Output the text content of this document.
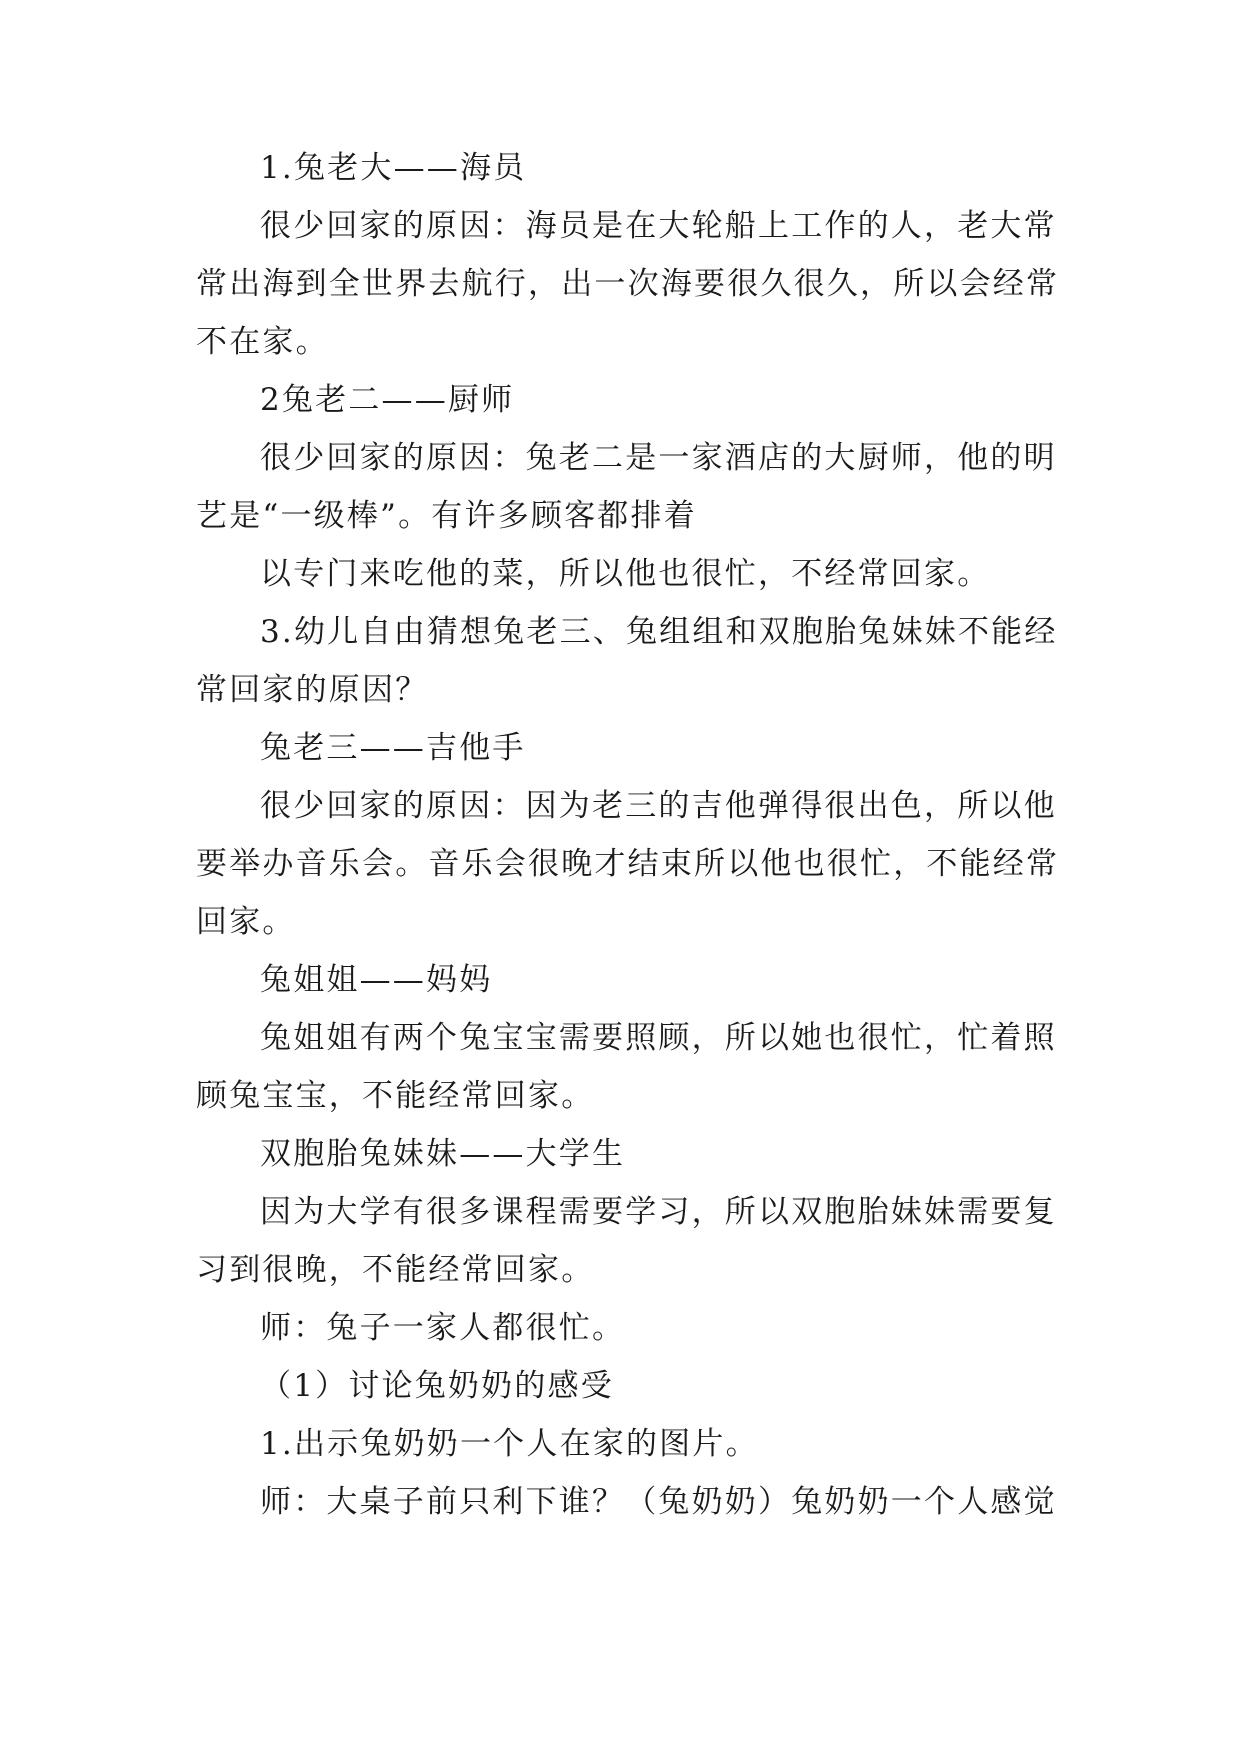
1.兔老大——海员
很少回家的原因：海员是在大轮船上工作的人，老大常
常出海到全世界去航行，出一次海要很久很久，所以会经常
不在家。
2兔老二——厨师
很少回家的原因：兔老二是一家酒店的大厨师，他的明
艺是“一级棒”。有许多顾客都排着
以专门来吃他的菜，所以他也很忙，不经常回家。
3.幼儿自由猜想兔老三、兔组组和双胞胎兔妹妹不能经
常回家的原因？
兔老三——吉他手
很少回家的原因：因为老三的吉他弹得很出色，所以他
要举办音乐会。音乐会很晚才结束所以他也很忙，不能经常
回家。
兔姐姐——妈妈
兔姐姐有两个兔宝宝需要照顾，所以她也很忙，忙着照
顾兔宝宝，不能经常回家。
双胞胎兔妹妹——大学生
因为大学有很多课程需要学习，所以双胞胎妹妹需要复
习到很晚，不能经常回家。
师：兔子一家人都很忙。
（1）讨论兔奶奶的感受
1.出示兔奶奶一个人在家的图片。
师：大桌子前只利下谁？（兔奶奶）兔奶奶一个人感觉
